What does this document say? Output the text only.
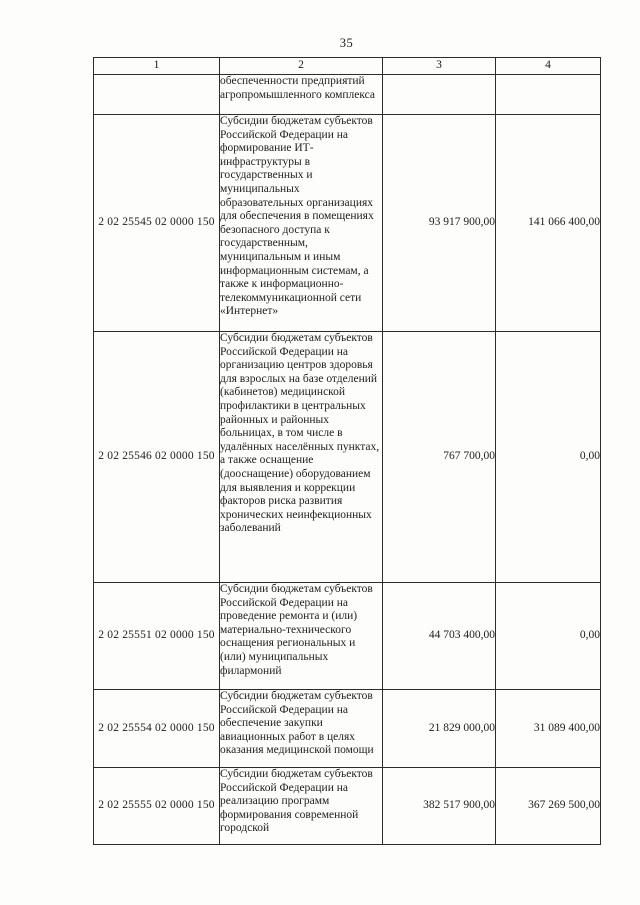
35
1	2	3	4
	обеспеченности предприятий агропромышленного комплекса		
2 02 25545 02 0000 150	Субсидии бюджетам субъектов Российской Федерации на формирование ИТ-инфраструктуры в государственных и муниципальных образовательных организациях для обеспечения в помещениях безопасного доступа к государственным, муниципальным и иным информационным системам, а также к информационно-телекоммуникационной сети «Интернет»	93 917 900,00	141 066 400,00
2 02 25546 02 0000 150	Субсидии бюджетам субъектов Российской Федерации на организацию центров здоровья для взрослых на базе отделений (кабинетов) медицинской профилактики в центральных районных и районных больницах, в том числе в удалённых населённых пунктах, а также оснащение (дооснащение) оборудованием для выявления и коррекции факторов риска развития хронических неинфекционных заболеваний	767 700,00	0,00
2 02 25551 02 0000 150	Субсидии бюджетам субъектов Российской Федерации на проведение ремонта и (или) материально-технического оснащения региональных и (или) муниципальных филармоний	44 703 400,00	0,00
2 02 25554 02 0000 150	Субсидии бюджетам субъектов Российской Федерации на обеспечение закупки авиационных работ в целях оказания медицинской помощи	21 829 000,00	31 089 400,00
2 02 25555 02 0000 150	Субсидии бюджетам субъектов Российской Федерации на реализацию программ формирования современной городской	382 517 900,00	367 269 500,00
